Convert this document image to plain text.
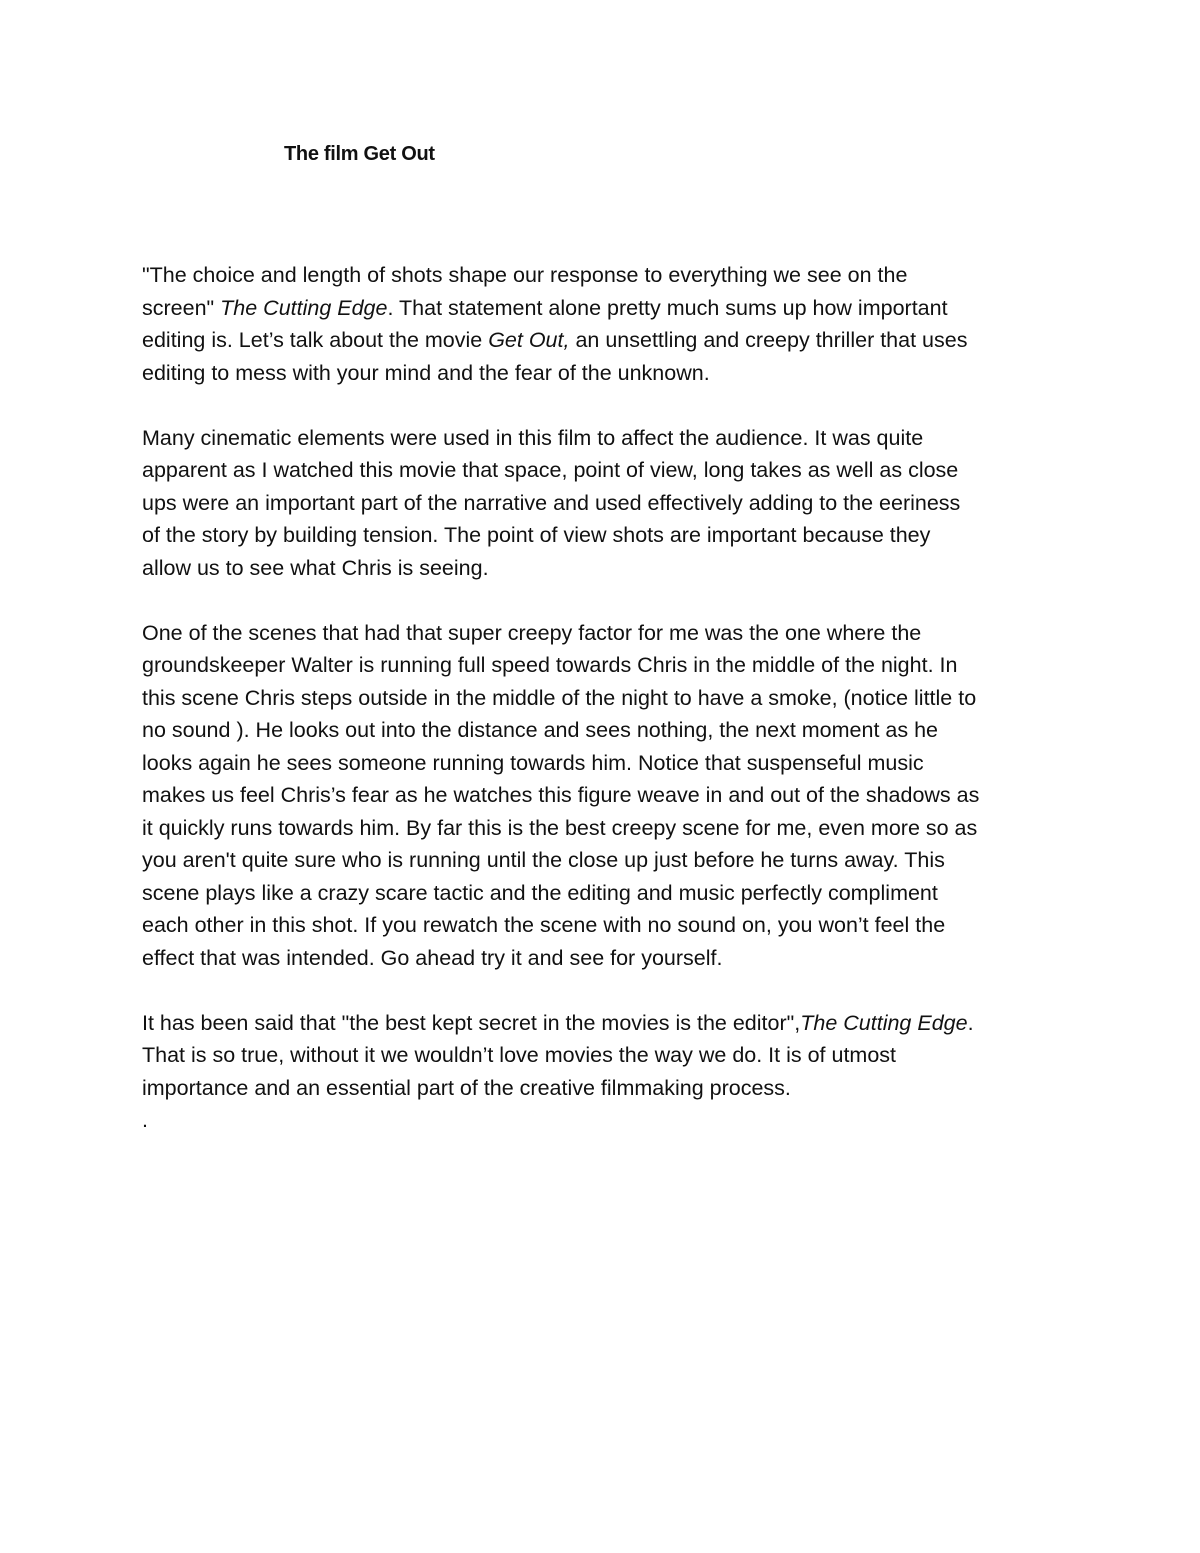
The film Get Out
"The choice and length of shots shape our response to everything we see on the
screen" The Cutting Edge. That statement alone pretty much sums up how important
editing is. Let’s talk about the movie Get Out, an unsettling and creepy thriller that uses
editing to mess with your mind and the fear of the unknown.
Many cinematic elements were used in this film to affect the audience. It was quite
apparent as I watched this movie that space, point of view, long takes as well as close
ups were an important part of the narrative and used effectively adding to the eeriness
of the story by building tension. The point of view shots are important because they
allow us to see what Chris is seeing.
One of the scenes that had that super creepy factor for me was the one where the
groundskeeper Walter is running full speed towards Chris in the middle of the night. In
this scene Chris steps outside in the middle of the night to have a smoke, (notice little to
no sound ). He looks out into the distance and sees nothing, the next moment as he
looks again he sees someone running towards him. Notice that suspenseful music
makes us feel Chris’s fear as he watches this figure weave in and out of the shadows as
it quickly runs towards him. By far this is the best creepy scene for me, even more so as
you aren't quite sure who is running until the close up just before he turns away. This
scene plays like a crazy scare tactic and the editing and music perfectly compliment
each other in this shot. If you rewatch the scene with no sound on, you won’t feel the
effect that was intended. Go ahead try it and see for yourself.
It has been said that "the best kept secret in the movies is the editor",The Cutting Edge.
That is so true, without it we wouldn’t love movies the way we do. It is of utmost
importance and an essential part of the creative filmmaking process.
.
